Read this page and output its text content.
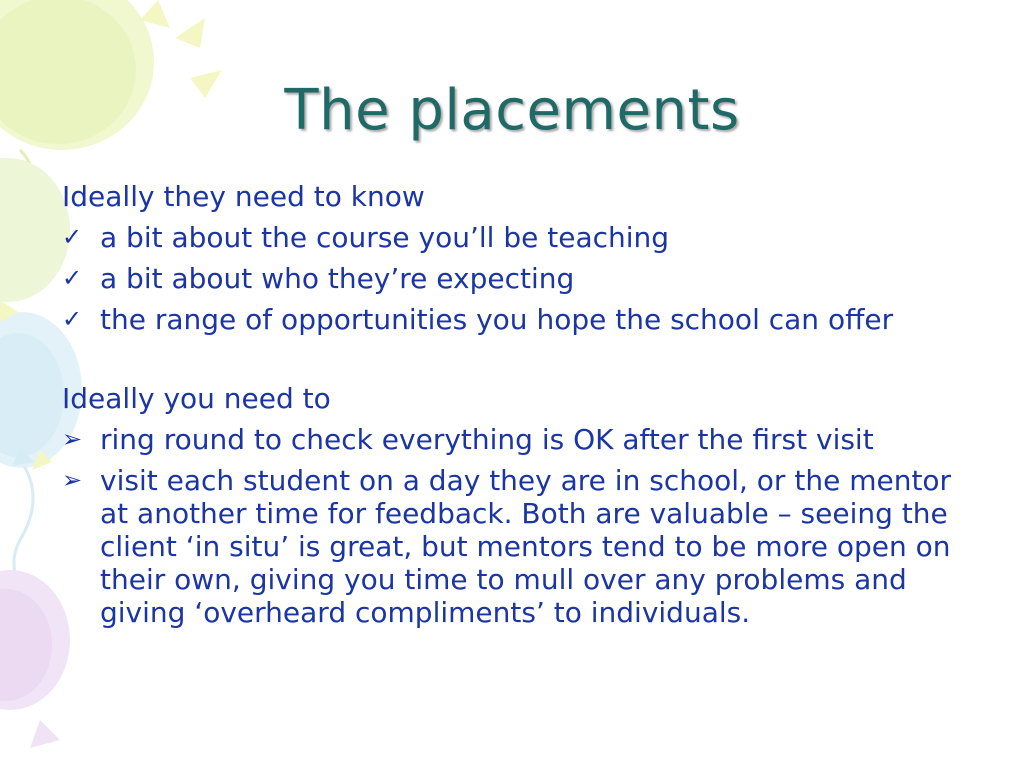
The placements

Ideally they need to know

✓ a bit about the course you’ll be teaching
✓ a bit about who they’re expecting
✓ the range of opportunities you hope the school can offer

Ideally you need to

➢ ring round to check everything is OK after the first visit
➢ visit each student on a day they are in school, or the mentor at another time for feedback. Both are valuable – seeing the client ‘in situ’ is great, but mentors tend to be more open on their own, giving you time to mull over any problems and giving ‘overheard compliments’ to individuals.
